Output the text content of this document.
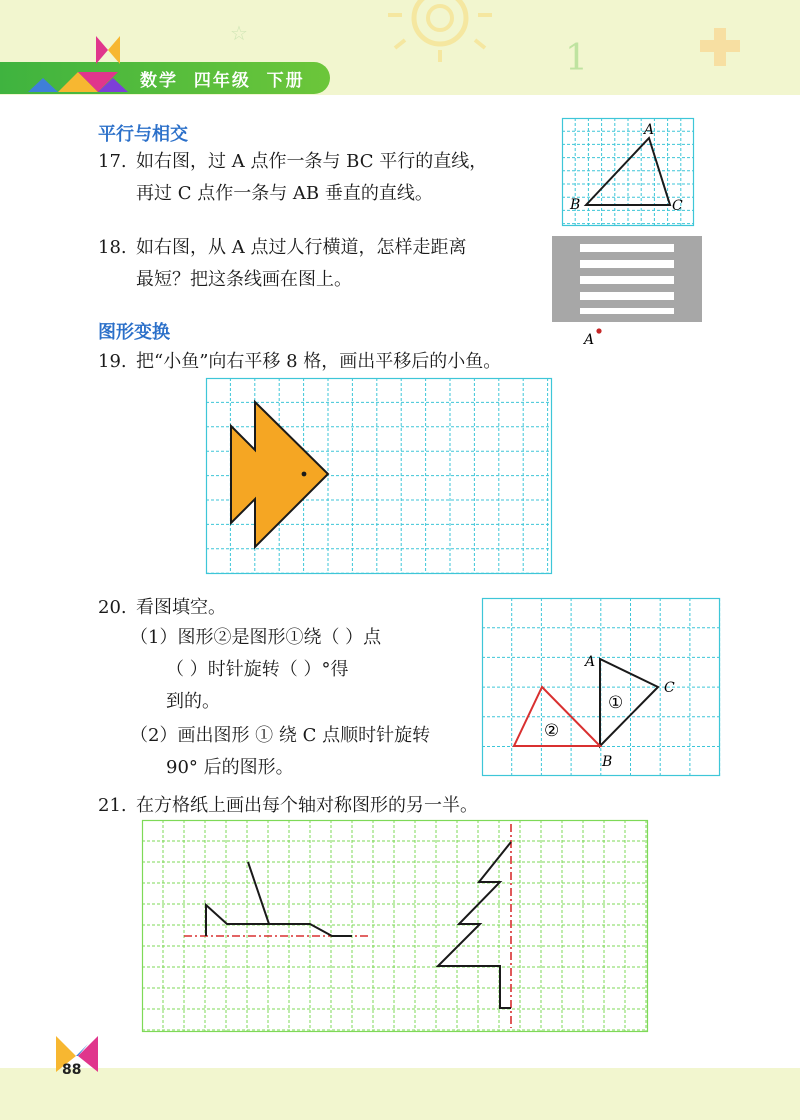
1
☆
数学  四年级  下册
平行与相交
17. 如右图，过 A 点作一条与 BC 平行的直线，
再过 C 点作一条与 AB 垂直的直线。
A
B	C
18. 如右图，从 A 点过人行横道，怎样走距离
最短？把这条线画在图上。
A
图形变换
19. 把“小鱼”向右平移 8 格，画出平移后的小鱼。
20. 看图填空。
（1）图形②是图形①绕（ ）点
（ ）时针旋转（ ）°得
到的。
（2）画出图形 ① 绕 C 点顺时针旋转
90° 后的图形。
A
C
B
①
②
21. 在方格纸上画出每个轴对称图形的另一半。
88
